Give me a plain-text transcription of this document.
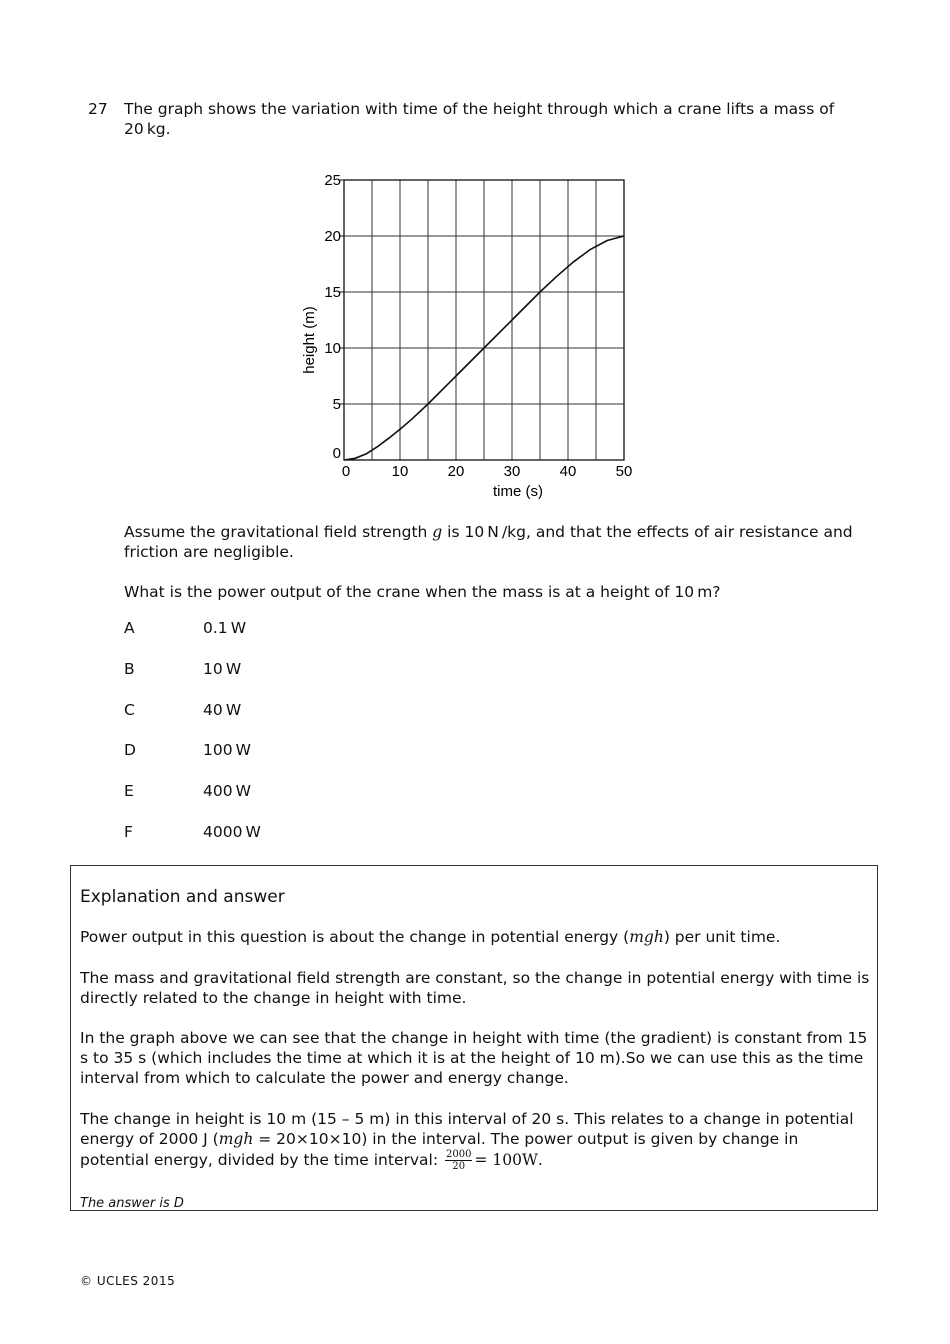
27 The graph shows the variation with time of the height through which a crane lifts a mass of 20 kg.
0	10	20	30	40	50
0
5
10
15
20
25
time (s)
height (m)
Assume the gravitational field strength g is 10 N /kg, and that the effects of air resistance and friction are negligible.
What is the power output of the crane when the mass is at a height of 10 m?
A	0.1 W
B	10 W
C	40 W
D	100 W
E	400 W
F	4000 W
Explanation and answer
Power output in this question is about the change in potential energy (mgh) per unit time.
The mass and gravitational field strength are constant, so the change in potential energy with time is directly related to the change in height with time.
In the graph above we can see that the change in height with time (the gradient) is constant from 15 s to 35 s (which includes the time at which it is at the height of 10 m).So we can use this as the time interval from which to calculate the power and energy change.
The change in height is 10 m (15 – 5 m) in this interval of 20 s. This relates to a change in potential energy of 2000 J (mgh = 20×10×10) in the interval. The power output is given by change in potential energy, divided by the time interval: $\frac{2000}{20} = 100W$.
The answer is D
© UCLES 2015
